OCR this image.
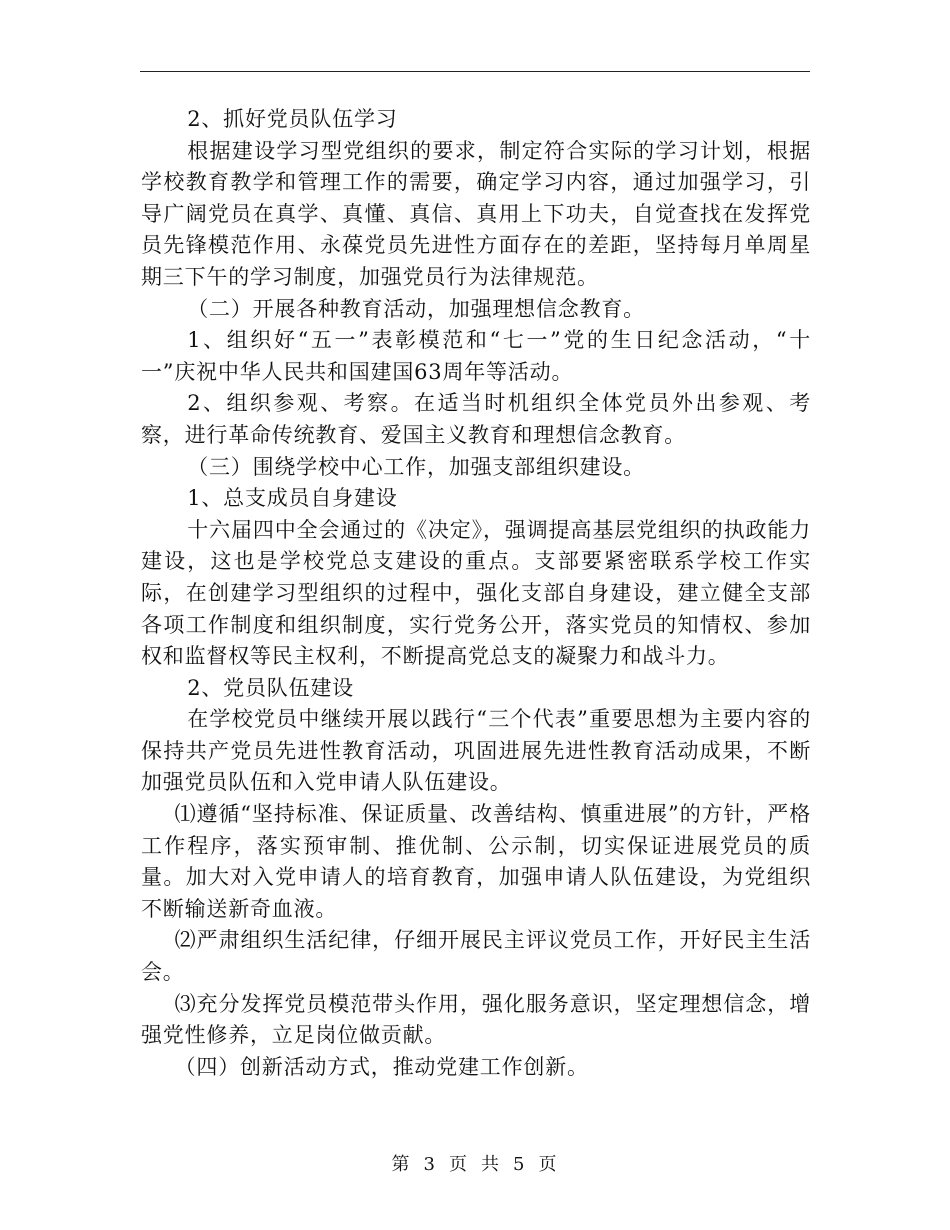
2、抓好党员队伍学习

根据建设学习型党组织的要求，制定符合实际的学习计划，根据学校教育教学和管理工作的需要，确定学习内容，通过加强学习，引导广阔党员在真学、真懂、真信、真用上下功夫，自觉查找在发挥党员先锋模范作用、永葆党员先进性方面存在的差距，坚持每月单周星期三下午的学习制度，加强党员行为法律规范。

（二）开展各种教育活动，加强理想信念教育。

1、组织好“五一”表彰模范和“七一”党的生日纪念活动，“十一”庆祝中华人民共和国建国63周年等活动。

2、组织参观、考察。在适当时机组织全体党员外出参观、考察，进行革命传统教育、爱国主义教育和理想信念教育。

（三）围绕学校中心工作，加强支部组织建设。

1、总支成员自身建设

十六届四中全会通过的《决定》，强调提高基层党组织的执政能力建设，这也是学校党总支建设的重点。支部要紧密联系学校工作实际，在创建学习型组织的过程中，强化支部自身建设，建立健全支部各项工作制度和组织制度，实行党务公开，落实党员的知情权、参加权和监督权等民主权利，不断提高党总支的凝聚力和战斗力。

2、党员队伍建设

在学校党员中继续开展以践行“三个代表”重要思想为主要内容的保持共产党员先进性教育活动，巩固进展先进性教育活动成果，不断加强党员队伍和入党申请人队伍建设。

⑴遵循“坚持标准、保证质量、改善结构、慎重进展”的方针，严格工作程序，落实预审制、推优制、公示制，切实保证进展党员的质量。加大对入党申请人的培育教育，加强申请人队伍建设，为党组织不断输送新奇血液。

⑵严肃组织生活纪律，仔细开展民主评议党员工作，开好民主生活会。

⑶充分发挥党员模范带头作用，强化服务意识，坚定理想信念，增强党性修养，立足岗位做贡献。

（四）创新活动方式，推动党建工作创新。

第 3 页 共 5 页
